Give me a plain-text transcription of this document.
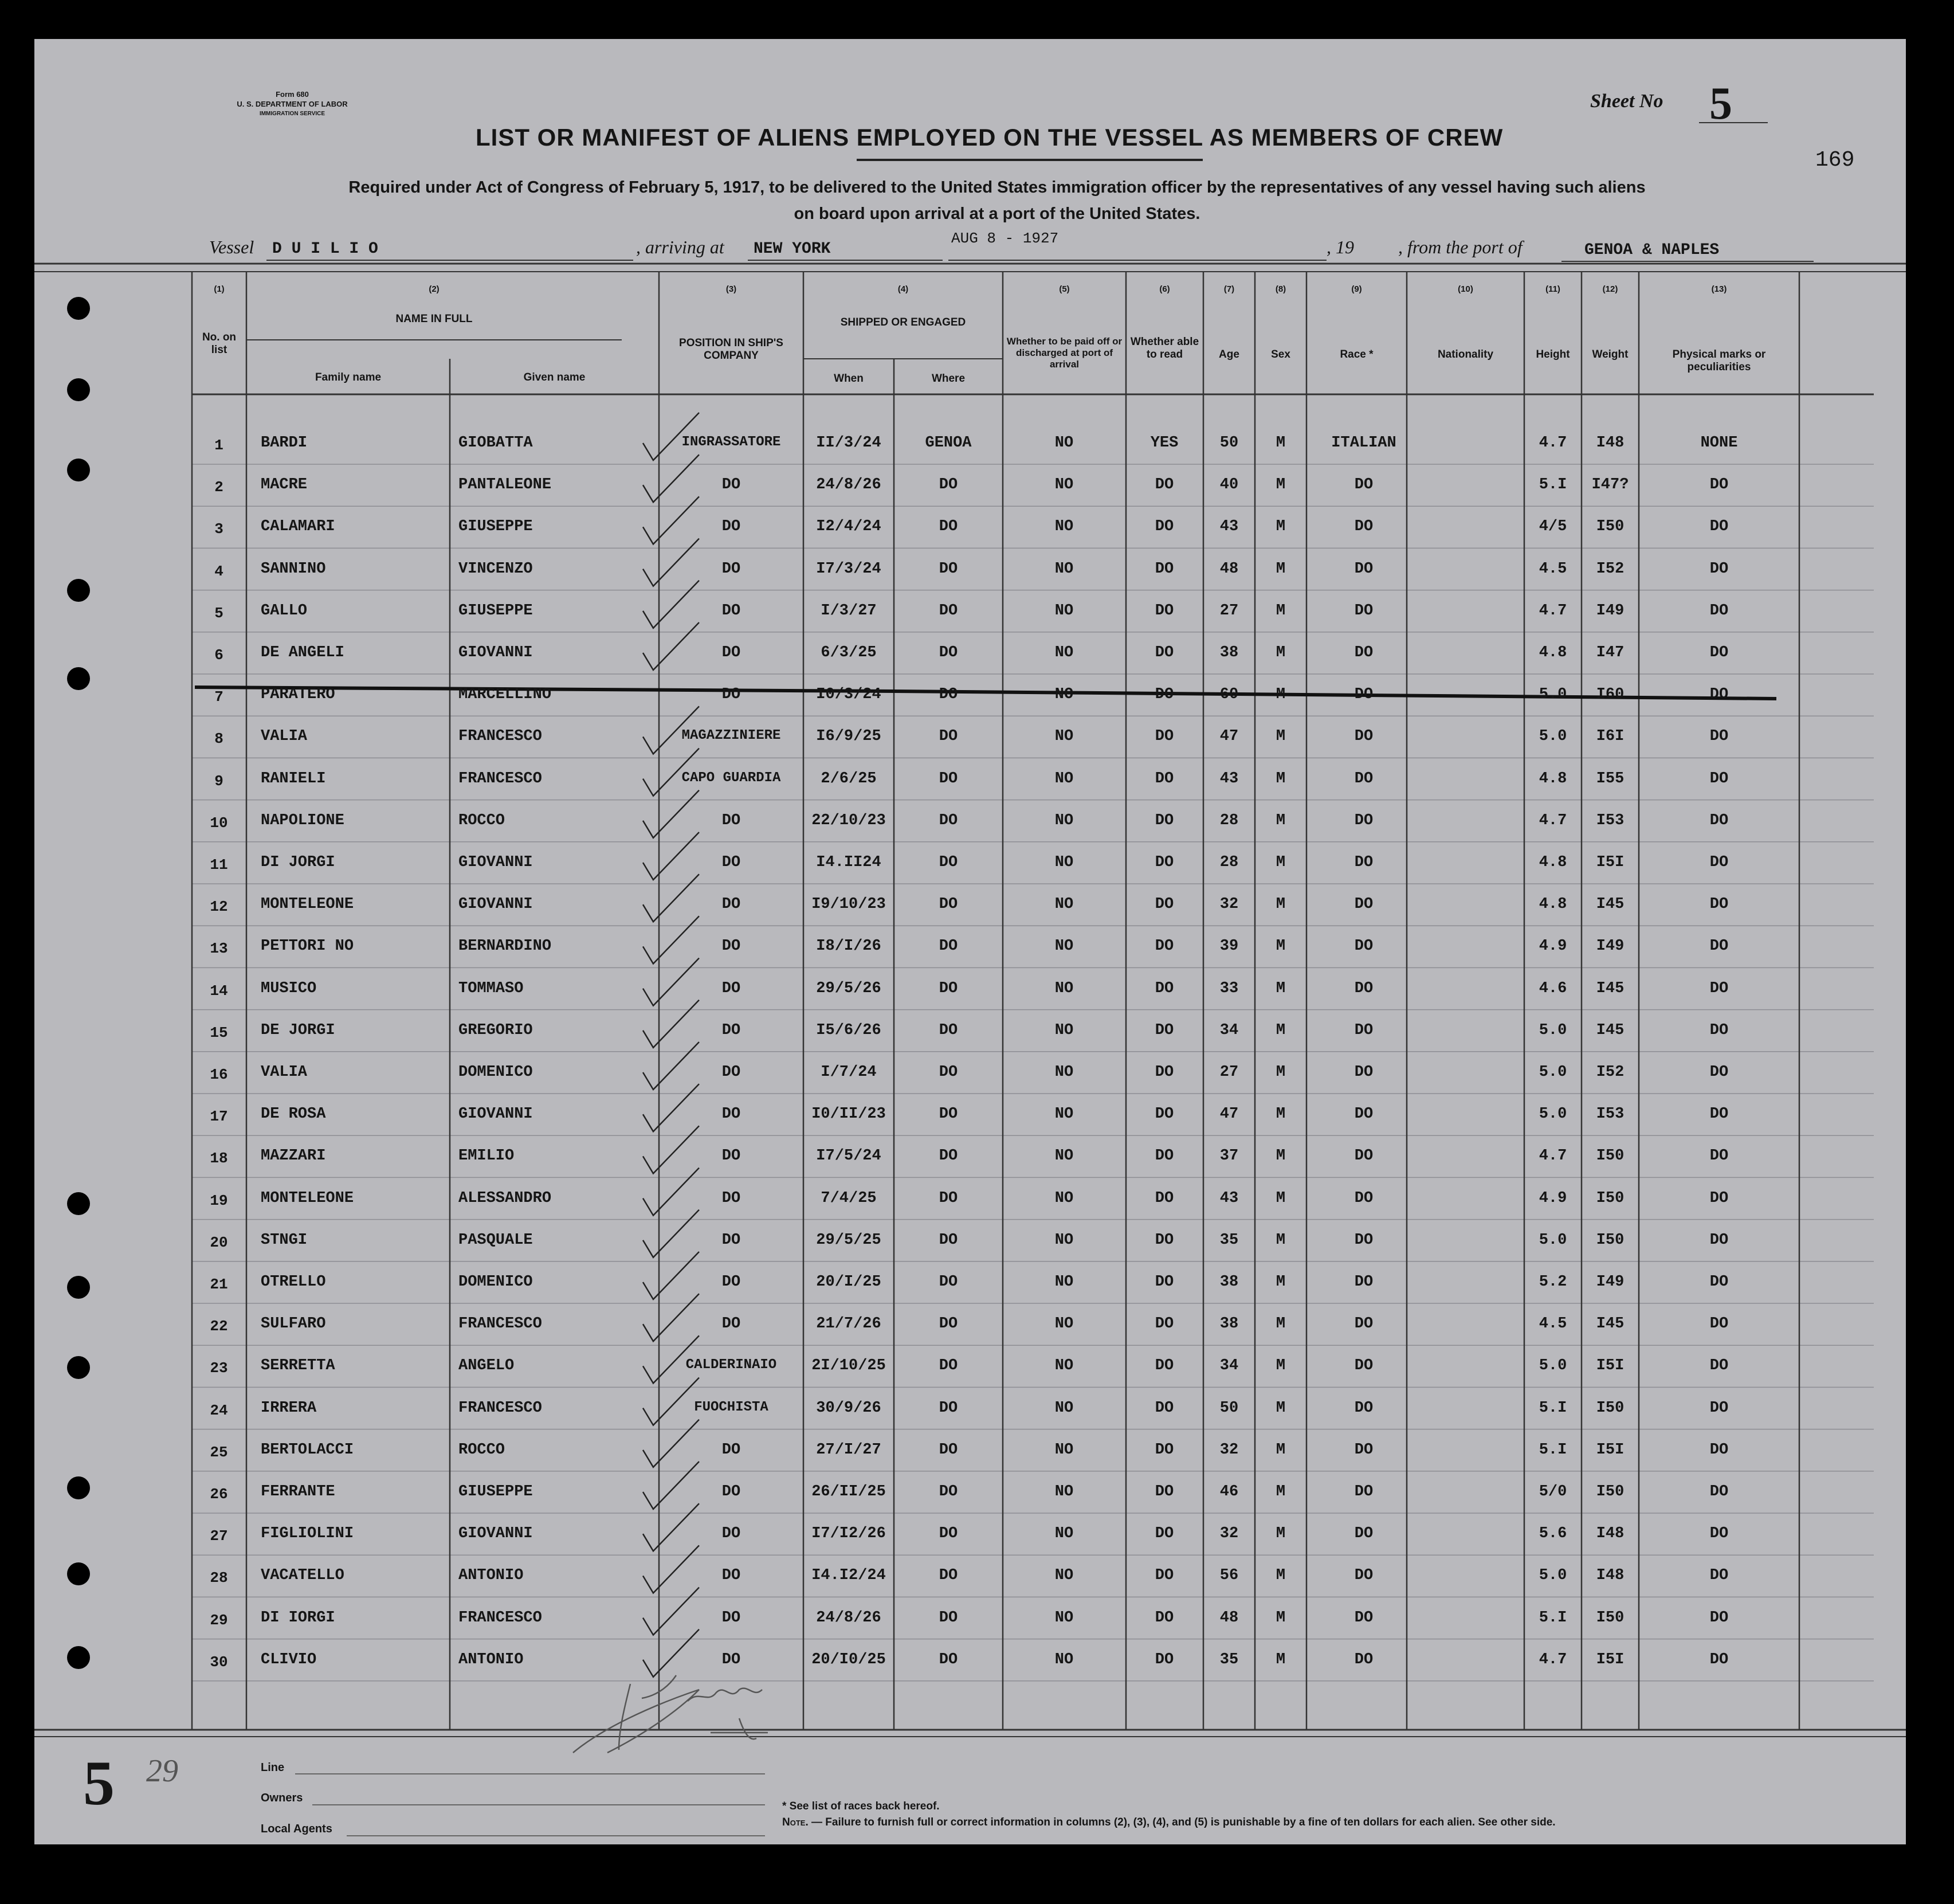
Form 680
U. S. DEPARTMENT OF LABOR
IMMIGRATION SERVICE
Sheet No 5
169
LIST OR MANIFEST OF ALIENS EMPLOYED ON THE VESSEL AS MEMBERS OF CREW
Required under Act of Congress of February 5, 1917, to be delivered to the United States immigration officer by the representatives of any vessel having such aliens
on board upon arrival at a port of the United States.
Vessel D U I L I O	, arriving at NEW YORK
AUG 8 - 1927	, 19 , from the port of	GENOA & NAPLES
(1)
No. on list
(2)
NAME IN FULL
Family name	Given name
(3)
POSITION IN SHIP'S COMPANY
(4)
SHIPPED OR ENGAGED
When	Where
(5)
Whether to be paid off or discharged at port of arrival
(6)
Whether able to read
(7)
Age
(8)
Sex
(9)
Race *
(10)
Nationality
(11)
Height
(12)
Weight
(13)
Physical marks or peculiarities
1 BARDI	GIOBATTA	INGRASSATORE II/3/24	GENOA	NO	YES	50 M	ITALIAN	4.7 I48	NONE
2 MACRE	PANTALEONE	DO	24/8/26	DO	NO	DO	40 M	DO	5.I I47?	DO
3 CALAMARI	GIUSEPPE	DO	I2/4/24	DO	NO	DO	43 M	DO	4/5 I50	DO
4 SANNINO	VINCENZO	DO	I7/3/24	DO	NO	DO	48 M	DO	4.5 I52	DO
5 GALLO	GIUSEPPE	DO	I/3/27	DO	NO	DO	27 M	DO	4.7 I49	DO
6 DE ANGELI	GIOVANNI	DO	6/3/25	DO	NO	DO	38 M	DO	4.8 I47	DO
7 PARATERO	MARCELLINO	DO	I0/3/24	DO	NO	DO	60 M	DO	5.0 I60	DO
8 VALIA	FRANCESCO	MAGAZZINIERE I6/9/25	DO	NO	DO	47 M	DO	5.0 I6I	DO
9 RANIELI	FRANCESCO	CAPO GUARDIA	2/6/25	DO	NO	DO	43 M	DO	4.8 I55	DO
10 NAPOLIONE	ROCCO	DO	22/10/23	DO	NO	DO	28 M	DO	4.7 I53	DO
11 DI JORGI	GIOVANNI	DO	I4.II24	DO	NO	DO	28 M	DO	4.8 I5I	DO
12 MONTELEONE	GIOVANNI	DO	I9/10/23	DO	NO	DO	32 M	DO	4.8 I45	DO
13 PETTORI NO	BERNARDINO	DO	I8/I/26	DO	NO	DO	39 M	DO	4.9 I49	DO
14 MUSICO	TOMMASO	DO	29/5/26	DO	NO	DO	33 M	DO	4.6 I45	DO
15 DE JORGI	GREGORIO	DO	I5/6/26	DO	NO	DO	34 M	DO	5.0 I45	DO
16 VALIA	DOMENICO	DO	I/7/24	DO	NO	DO	27 M	DO	5.0 I52	DO
17 DE ROSA	GIOVANNI	DO	I0/II/23	DO	NO	DO	47 M	DO	5.0 I53	DO
18 MAZZARI	EMILIO	DO	I7/5/24	DO	NO	DO	37 M	DO	4.7 I50	DO
19 MONTELEONE	ALESSANDRO	DO	7/4/25	DO	NO	DO	43 M	DO	4.9 I50	DO
20 STNGI	PASQUALE	DO	29/5/25	DO	NO	DO	35 M	DO	5.0 I50	DO
21 OTRELLO	DOMENICO	DO	20/I/25	DO	NO	DO	38 M	DO	5.2 I49	DO
22 SULFARO	FRANCESCO	DO	21/7/26	DO	NO	DO	38 M	DO	4.5 I45	DO
23 SERRETTA	ANGELO	CALDERINAIO 2I/10/25	DO	NO	DO	34 M	DO	5.0 I5I	DO
24 IRRERA	FRANCESCO	FUOCHISTA	30/9/26	DO	NO	DO	50 M	DO	5.I I50	DO
25 BERTOLACCI	ROCCO	DO	27/I/27	DO	NO	DO	32 M	DO	5.I I5I	DO
26 FERRANTE	GIUSEPPE	DO	26/II/25	DO	NO	DO	46 M	DO	5/0 I50	DO
27 FIGLIOLINI	GIOVANNI	DO	I7/I2/26	DO	NO	DO	32 M	DO	5.6 I48	DO
28 VACATELLO	ANTONIO	DO	I4.I2/24	DO	NO	DO	56 M	DO	5.0 I48	DO
29 DI IORGI	FRANCESCO	DO	24/8/26	DO	NO	DO	48 M	DO	5.I I50	DO
30 CLIVIO	ANTONIO	DO	20/I0/25	DO	NO	DO	35 M	DO	4.7 I5I	DO
5 29	Line
Owners
Local Agents
* See list of races back hereof.
Note. — Failure to furnish full or correct information in columns (2), (3), (4), and (5) is punishable by a fine of ten dollars for each alien. See other side.
